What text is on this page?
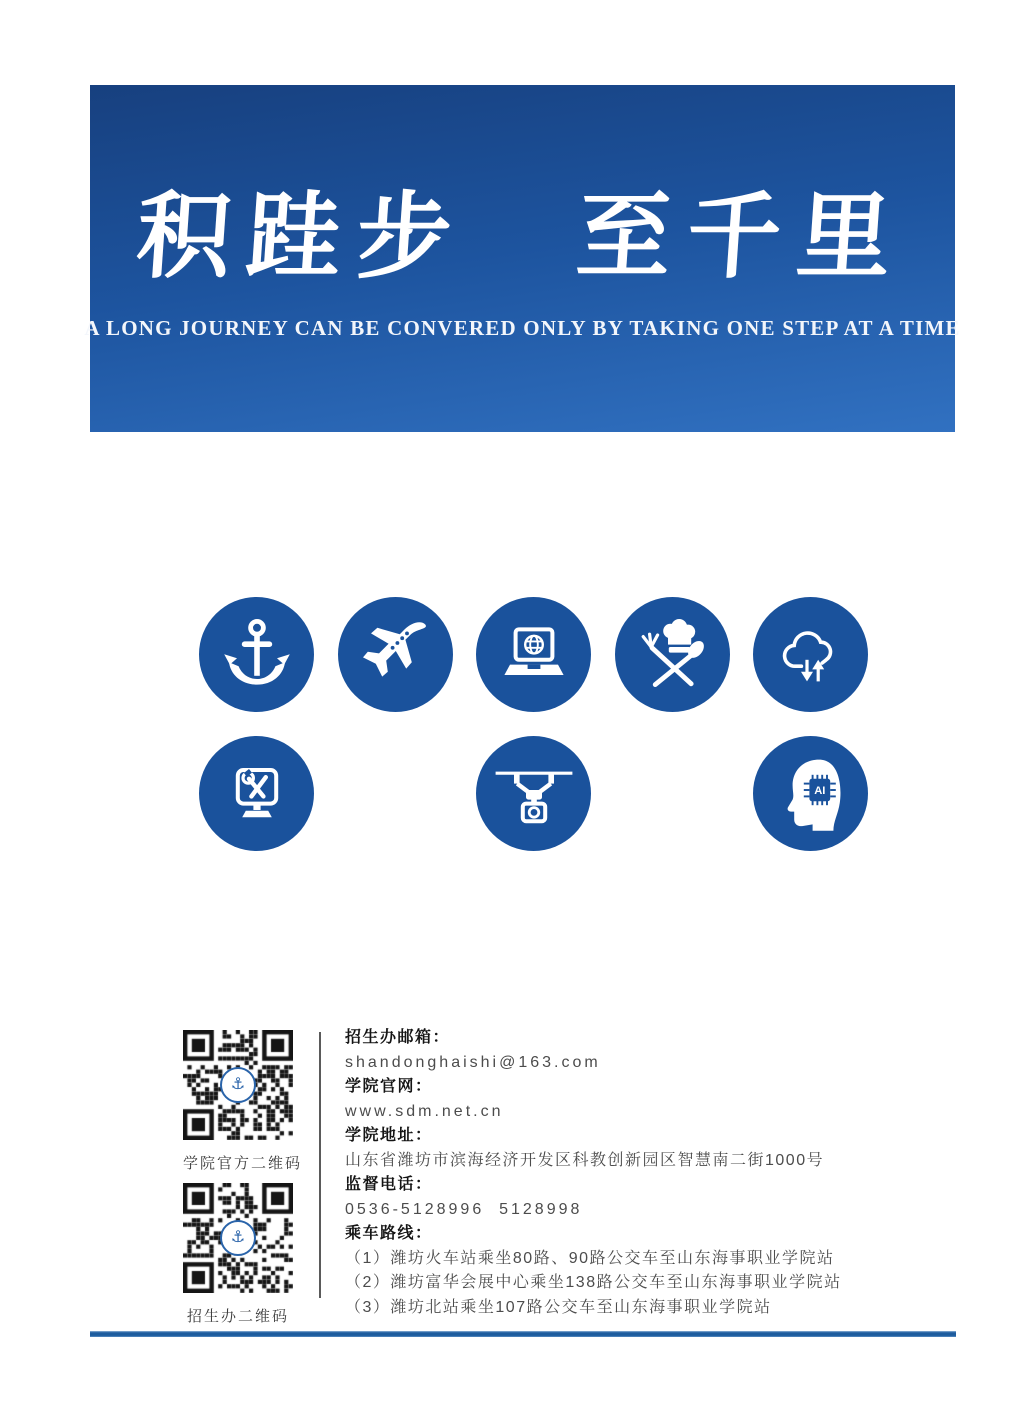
积跬步　至千里
A LONG JOURNEY CAN BE CONVERED ONLY BY TAKING ONE STEP AT A TIME
AI
⚓
学院官方二维码
⚓
招生办二维码
招生办邮箱：
shandonghaishi@163.com
学院官网：
www.sdm.net.cn
学院地址：
山东省潍坊市滨海经济开发区科教创新园区智慧南二街1000号
监督电话：
0536-5128996  5128998
乘车路线：
（1）潍坊火车站乘坐80路、90路公交车至山东海事职业学院站
（2）潍坊富华会展中心乘坐138路公交车至山东海事职业学院站
（3）潍坊北站乘坐107路公交车至山东海事职业学院站
